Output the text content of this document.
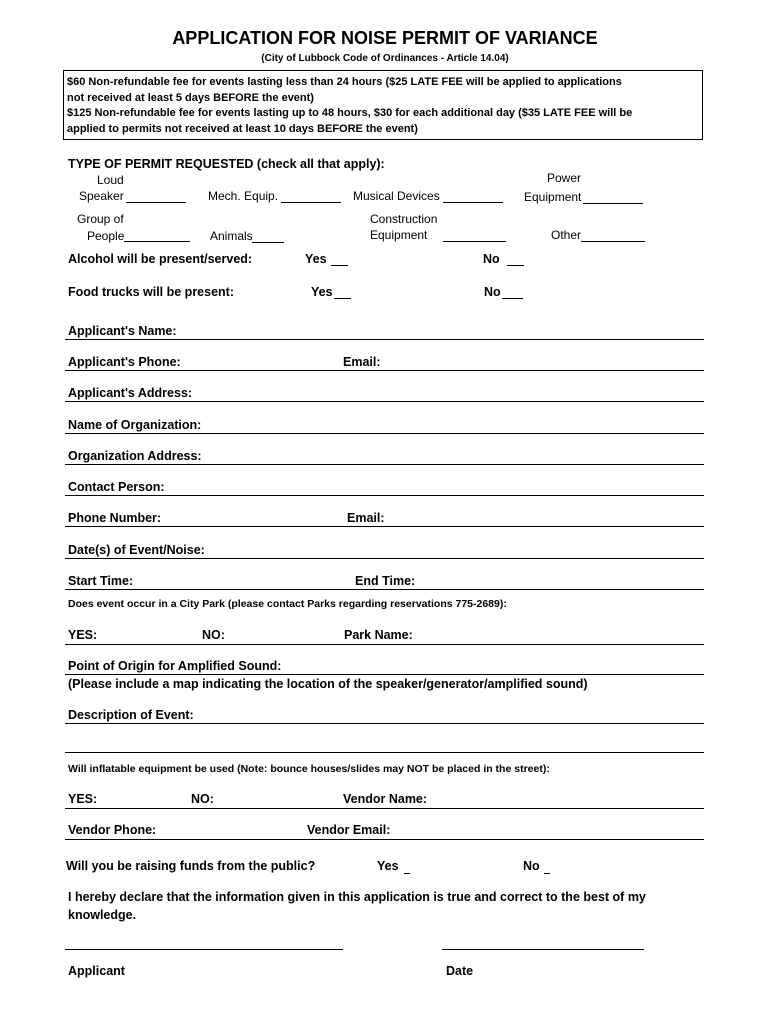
APPLICATION FOR NOISE PERMIT OF VARIANCE
(City of Lubbock Code of Ordinances - Article 14.04)
$60 Non-refundable fee for events lasting less than 24 hours ($25 LATE FEE will be applied to applications
not received at least 5 days BEFORE the event)
$125 Non-refundable fee for events lasting up to 48 hours, $30 for each additional day ($35 LATE FEE will be
applied to permits not received at least 10 days BEFORE the event)
TYPE OF PERMIT REQUESTED (check all that apply):
Loud
Speaker	Mech. Equip.	Musical Devices
Power
Equipment
Group of
People	Animals
Construction
Equipment	Other
Alcohol will be present/served:	Yes	No
Food trucks will be present:	Yes	No
Applicant's Name:
Applicant's Phone:	Email:
Applicant's Address:
Name of Organization:
Organization Address:
Contact Person:
Phone Number:	Email:
Date(s) of Event/Noise:
Start Time:	End Time:
Does event occur in a City Park (please contact Parks regarding reservations 775-2689):
YES:	NO:	Park Name:
Point of Origin for Amplified Sound:
(Please include a map indicating the location of the speaker/generator/amplified sound)
Description of Event:
Will inflatable equipment be used (Note: bounce houses/slides may NOT be placed in the street):
YES:	NO:	Vendor Name:
Vendor Phone:	Vendor Email:
Will you be raising funds from the public?	Yes	No
I hereby declare that the information given in this application is true and correct to the best of my
knowledge.
Applicant	Date
